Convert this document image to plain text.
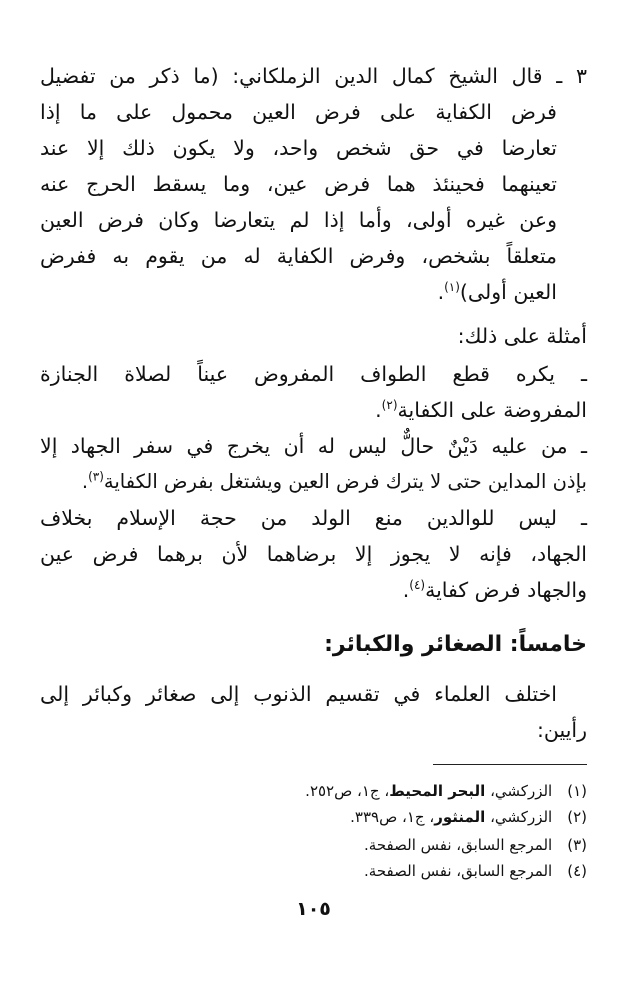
٣ ـ قال الشيخ كمال الدين الزملكاني: (ما ذكر من تفضيل
فرض الكفاية على فرض العين محمول على ما إذا
تعارضا في حق شخص واحد، ولا يكون ذلك إلا عند
تعينهما فحينئذ هما فرض عين، وما يسقط الحرج عنه
وعن غيره أولى، وأما إذا لم يتعارضا وكان فرض العين
متعلقاً بشخص، وفرض الكفاية له من يقوم به ففرض
العين أولى)$^{(١)}$.
أمثلة على ذلك:
ـ يكره قطع الطواف المفروض عيناً لصلاة الجنازة
المفروضة على الكفاية$^{(٢)}$.
ـ من عليه دَيْنٌ حالٌّ ليس له أن يخرج في سفر الجهاد إلا
بإذن المداين حتى لا يترك فرض العين ويشتغل بفرض الكفاية$^{(٣)}$.
ـ ليس للوالدين منع الولد من حجة الإسلام بخلاف
الجهاد، فإنه لا يجوز إلا برضاهما لأن برهما فرض عين
والجهاد فرض كفاية$^{(٤)}$.
خامساً: الصغائر والكبائر:
اختلف العلماء في تقسيم الذنوب إلى صغائر وكبائر إلى
رأيين:
(١) الزركشي، البحر المحيط، ج١، ص٢٥٢.
(٢) الزركشي، المنثور، ج١، ص٣٣٩.
(٣) المرجع السابق، نفس الصفحة.
(٤) المرجع السابق، نفس الصفحة.
١٠٥
